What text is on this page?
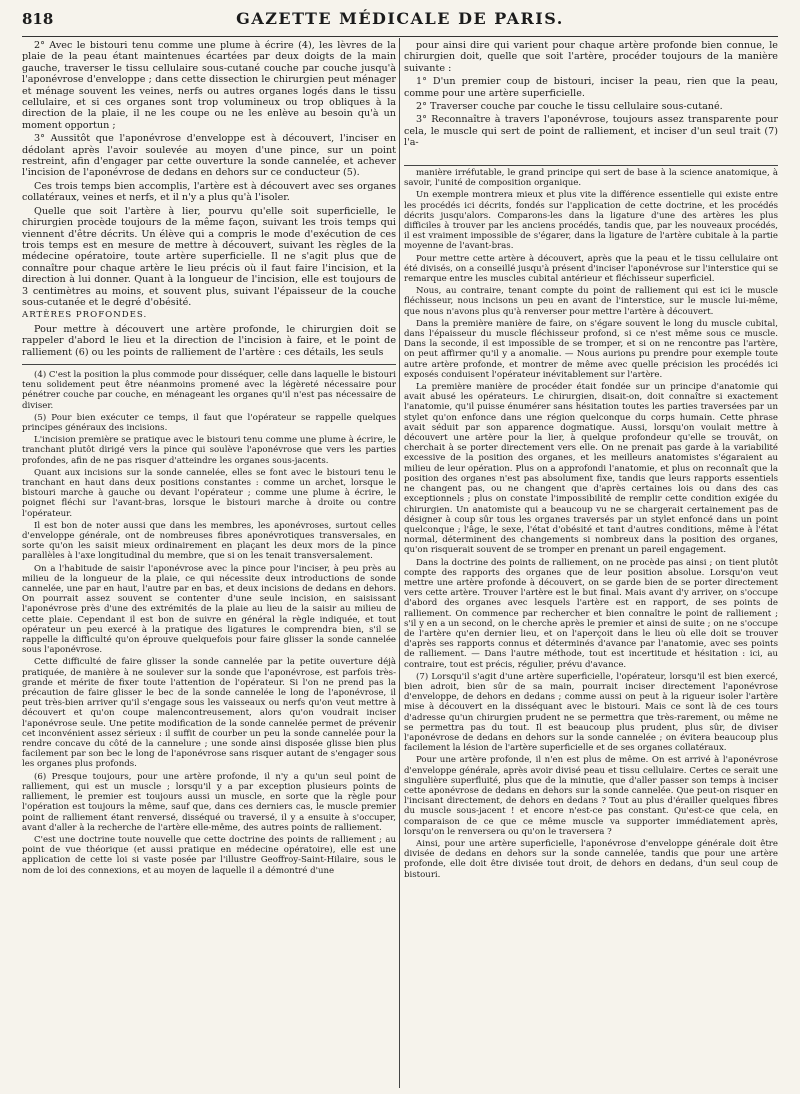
818	GAZETTE MÉDICALE DE PARIS.

2° Avec le bistouri tenu comme une plume à écrire (4), les lèvres de la plaie de la peau étant maintenues écartées par deux doigts de la main gauche, traverser le tissu cellulaire sous-cutané couche par couche jusqu'à l'aponévrose d'enveloppe ; dans cette dissection le chirurgien peut ménager et ménage souvent les veines, nerfs ou autres organes logés dans le tissu cellulaire, et si ces organes sont trop volumineux ou trop obliques à la direction de la plaie, il ne les coupe ou ne les enlève au besoin qu'à un moment opportun ;

3° Aussitôt que l'aponévrose d'enveloppe est à découvert, l'inciser en dédolant après l'avoir soulevée au moyen d'une pince, sur un point restreint, afin d'engager par cette ouverture la sonde cannelée, et achever l'incision de l'aponévrose de dedans en dehors sur ce conducteur (5).

Ces trois temps bien accomplis, l'artère est à découvert avec ses organes collatéraux, veines et nerfs, et il n'y a plus qu'à l'isoler.

Quelle que soit l'artère à lier, pourvu qu'elle soit superficielle, le chirurgien procède toujours de la même façon, suivant les trois temps qui viennent d'être décrits. Un élève qui a compris le mode d'exécution de ces trois temps est en mesure de mettre à découvert, suivant les règles de la médecine opératoire, toute artère superficielle. Il ne s'agit plus que de connaître pour chaque artère le lieu précis où il faut faire l'incision, et la direction à lui donner. Quant à la longueur de l'incision, elle est toujours de 3 centimètres au moins, et souvent plus, suivant l'épaisseur de la couche sous-cutanée et le degré d'obésité.

ARTÈRES PROFONDES.

Pour mettre à découvert une artère profonde, le chirurgien doit se rappeler d'abord le lieu et la direction de l'incision à faire, et le point de ralliement (6) ou les points de ralliement de l'artère : ces détails, les seuls

(4) C'est la position la plus commode pour disséquer, celle dans laquelle le bistouri tenu solidement peut être néanmoins promené avec la légèreté nécessaire pour pénétrer couche par couche, en ménageant les organes qu'il n'est pas nécessaire de diviser.

(5) Pour bien exécuter ce temps, il faut que l'opérateur se rappelle quelques principes généraux des incisions.

L'incision première se pratique avec le bistouri tenu comme une plume à écrire, le tranchant plutôt dirigé vers la pince qui soulève l'aponévrose que vers les parties profondes, afin de ne pas risquer d'atteindre les organes sous-jacents.

Quant aux incisions sur la sonde cannelée, elles se font avec le bistouri tenu le tranchant en haut dans deux positions constantes : comme un archet, lorsque le bistouri marche à gauche ou devant l'opérateur ; comme une plume à écrire, le poignet fléchi sur l'avant-bras, lorsque le bistouri marche à droite ou contre l'opérateur.

Il est bon de noter aussi que dans les membres, les aponévroses, surtout celles d'enveloppe générale, ont de nombreuses fibres aponévrotiques transversales, en sorte qu'on les saisit mieux ordinairement en plaçant les deux mors de la pince parallèles à l'axe longitudinal du membre, que si on les tenait transversalement.

On a l'habitude de saisir l'aponévrose avec la pince pour l'inciser, à peu près au milieu de la longueur de la plaie, ce qui nécessite deux introductions de sonde cannelée, une par en haut, l'autre par en bas, et deux incisions de dedans en dehors. On pourrait assez souvent se contenter d'une seule incision, en saisissant l'aponévrose près d'une des extrémités de la plaie au lieu de la saisir au milieu de cette plaie. Cependant il est bon de suivre en général la règle indiquée, et tout opérateur un peu exercé à la pratique des ligatures le comprendra bien, s'il se rappelle la difficulté qu'on éprouve quelquefois pour faire glisser la sonde cannelée sous l'aponévrose.

Cette difficulté de faire glisser la sonde cannelée par la petite ouverture déjà pratiquée, de manière à ne soulever sur la sonde que l'aponévrose, est parfois très-grande et mérite de fixer toute l'attention de l'opérateur. Si l'on ne prend pas la précaution de faire glisser le bec de la sonde cannelée le long de l'aponévrose, il peut très-bien arriver qu'il s'engage sous les vaisseaux ou nerfs qu'on veut mettre à découvert et qu'on coupe malencontreusement, alors qu'on voudrait inciser l'aponévrose seule. Une petite modification de la sonde cannelée permet de prévenir cet inconvénient assez sérieux : il suffit de courber un peu la sonde cannelée pour la rendre concave du côté de la cannelure ; une sonde ainsi disposée glisse bien plus facilement par son bec le long de l'aponévrose sans risquer autant de s'engager sous les organes plus profonds.

(6) Presque toujours, pour une artère profonde, il n'y a qu'un seul point de ralliement, qui est un muscle ; lorsqu'il y a par exception plusieurs points de ralliement, le premier est toujours aussi un muscle, en sorte que la règle pour l'opération est toujours la même, sauf que, dans ces derniers cas, le muscle premier point de ralliement étant renversé, disséqué ou traversé, il y a ensuite à s'occuper, avant d'aller à la recherche de l'artère elle-même, des autres points de ralliement.

C'est une doctrine toute nouvelle que cette doctrine des points de ralliement ; au point de vue théorique (et aussi pratique en médecine opératoire), elle est une application de cette loi si vaste posée par l'illustre Geoffroy-Saint-Hilaire, sous le nom de loi des connexions, et au moyen de laquelle il a démontré d'une

pour ainsi dire qui varient pour chaque artère profonde bien connue, le chirurgien doit, quelle que soit l'artère, procéder toujours de la manière suivante :

1° D'un premier coup de bistouri, inciser la peau, rien que la peau, comme pour une artère superficielle.

2° Traverser couche par couche le tissu cellulaire sous-cutané.

3° Reconnaître à travers l'aponévrose, toujours assez transparente pour cela, le muscle qui sert de point de ralliement, et inciser d'un seul trait (7) l'a-

manière irréfutable, le grand principe qui sert de base à la science anatomique, à savoir, l'unité de composition organique.

Un exemple montrera mieux et plus vite la différence essentielle qui existe entre les procédés ici décrits, fondés sur l'application de cette doctrine, et les procédés décrits jusqu'alors. Comparons-les dans la ligature d'une des artères les plus difficiles à trouver par les anciens procédés, tandis que, par les nouveaux procédés, il est vraiment impossible de s'égarer, dans la ligature de l'artère cubitale à la partie moyenne de l'avant-bras.

Pour mettre cette artère à découvert, après que la peau et le tissu cellulaire ont été divisés, on a conseillé jusqu'à présent d'inciser l'aponévrose sur l'interstice qui se remarque entre les muscles cubital antérieur et fléchisseur superficiel.

Nous, au contraire, tenant compte du point de ralliement qui est ici le muscle fléchisseur, nous incisons un peu en avant de l'interstice, sur le muscle lui-même, que nous n'avons plus qu'à renverser pour mettre l'artère à découvert.

Dans la première manière de faire, on s'égare souvent le long du muscle cubital, dans l'épaisseur du muscle fléchisseur profond, si ce n'est même sous ce muscle. Dans la seconde, il est impossible de se tromper, et si on ne rencontre pas l'artère, on peut affirmer qu'il y a anomalie. — Nous aurions pu prendre pour exemple toute autre artère profonde, et montrer de même avec quelle précision les procédés ici exposés conduisent l'opérateur inévitablement sur l'artère.

La première manière de procéder était fondée sur un principe d'anatomie qui avait abusé les opérateurs. Le chirurgien, disait-on, doit connaître si exactement l'anatomie, qu'il puisse énumérer sans hésitation toutes les parties traversées par un stylet qu'on enfonce dans une région quelconque du corps humain. Cette phrase avait séduit par son apparence dogmatique. Aussi, lorsqu'on voulait mettre à découvert une artère pour la lier, à quelque profondeur qu'elle se trouvât, on cherchait à se porter directement vers elle. On ne prenait pas garde à la variabilité excessive de la position des organes, et les meilleurs anatomistes s'égaraient au milieu de leur opération. Plus on a approfondi l'anatomie, et plus on reconnaît que la position des organes n'est pas absolument fixe, tandis que leurs rapports essentiels ne changent pas, ou ne changent que d'après certaines lois ou dans des cas exceptionnels ; plus on constate l'impossibilité de remplir cette condition exigée du chirurgien. Un anatomiste qui a beaucoup vu ne se chargerait certainement pas de désigner à coup sûr tous les organes traversés par un stylet enfoncé dans un point quelconque ; l'âge, le sexe, l'état d'obésité et tant d'autres conditions, même à l'état normal, déterminent des changements si nombreux dans la position des organes, qu'on risquerait souvent de se tromper en prenant un pareil engagement.

Dans la doctrine des points de ralliement, on ne procède pas ainsi ; on tient plutôt compte des rapports des organes que de leur position absolue. Lorsqu'on veut mettre une artère profonde à découvert, on se garde bien de se porter directement vers cette artère. Trouver l'artère est le but final. Mais avant d'y arriver, on s'occupe d'abord des organes avec lesquels l'artère est en rapport, de ses points de ralliement. On commence par rechercher et bien connaître le point de ralliement ; s'il y en a un second, on le cherche après le premier et ainsi de suite ; on ne s'occupe de l'artère qu'en dernier lieu, et on l'aperçoit dans le lieu où elle doit se trouver d'après ses rapports connus et déterminés d'avance par l'anatomie, avec ses points de ralliement. — Dans l'autre méthode, tout est incertitude et hésitation : ici, au contraire, tout est précis, régulier, prévu d'avance.

(7) Lorsqu'il s'agit d'une artère superficielle, l'opérateur, lorsqu'il est bien exercé, bien adroit, bien sûr de sa main, pourrait inciser directement l'aponévrose d'enveloppe, de dehors en dedans ; comme aussi on peut à la rigueur isoler l'artère mise à découvert en la disséquant avec le bistouri. Mais ce sont là de ces tours d'adresse qu'un chirurgien prudent ne se permettra que très-rarement, ou même ne se permettra pas du tout. Il est beaucoup plus prudent, plus sûr, de diviser l'aponévrose de dedans en dehors sur la sonde cannelée ; on évitera beaucoup plus facilement la lésion de l'artère superficielle et de ses organes collatéraux.

Pour une artère profonde, il n'en est plus de même. On est arrivé à l'aponévrose d'enveloppe générale, après avoir divisé peau et tissu cellulaire. Certes ce serait une singulière superfluité, plus que de la minutie, que d'aller passer son temps à inciser cette aponévrose de dedans en dehors sur la sonde cannelée. Que peut-on risquer en l'incisant directement, de dehors en dedans ? Tout au plus d'érailler quelques fibres du muscle sous-jacent ! et encore n'est-ce pas constant. Qu'est-ce que cela, en comparaison de ce que ce même muscle va supporter immédiatement après, lorsqu'on le renversera ou qu'on le traversera ?

Ainsi, pour une artère superficielle, l'aponévrose d'enveloppe générale doit être divisée de dedans en dehors sur la sonde cannelée, tandis que pour une artère profonde, elle doit être divisée tout droit, de dehors en dedans, d'un seul coup de bistouri.
